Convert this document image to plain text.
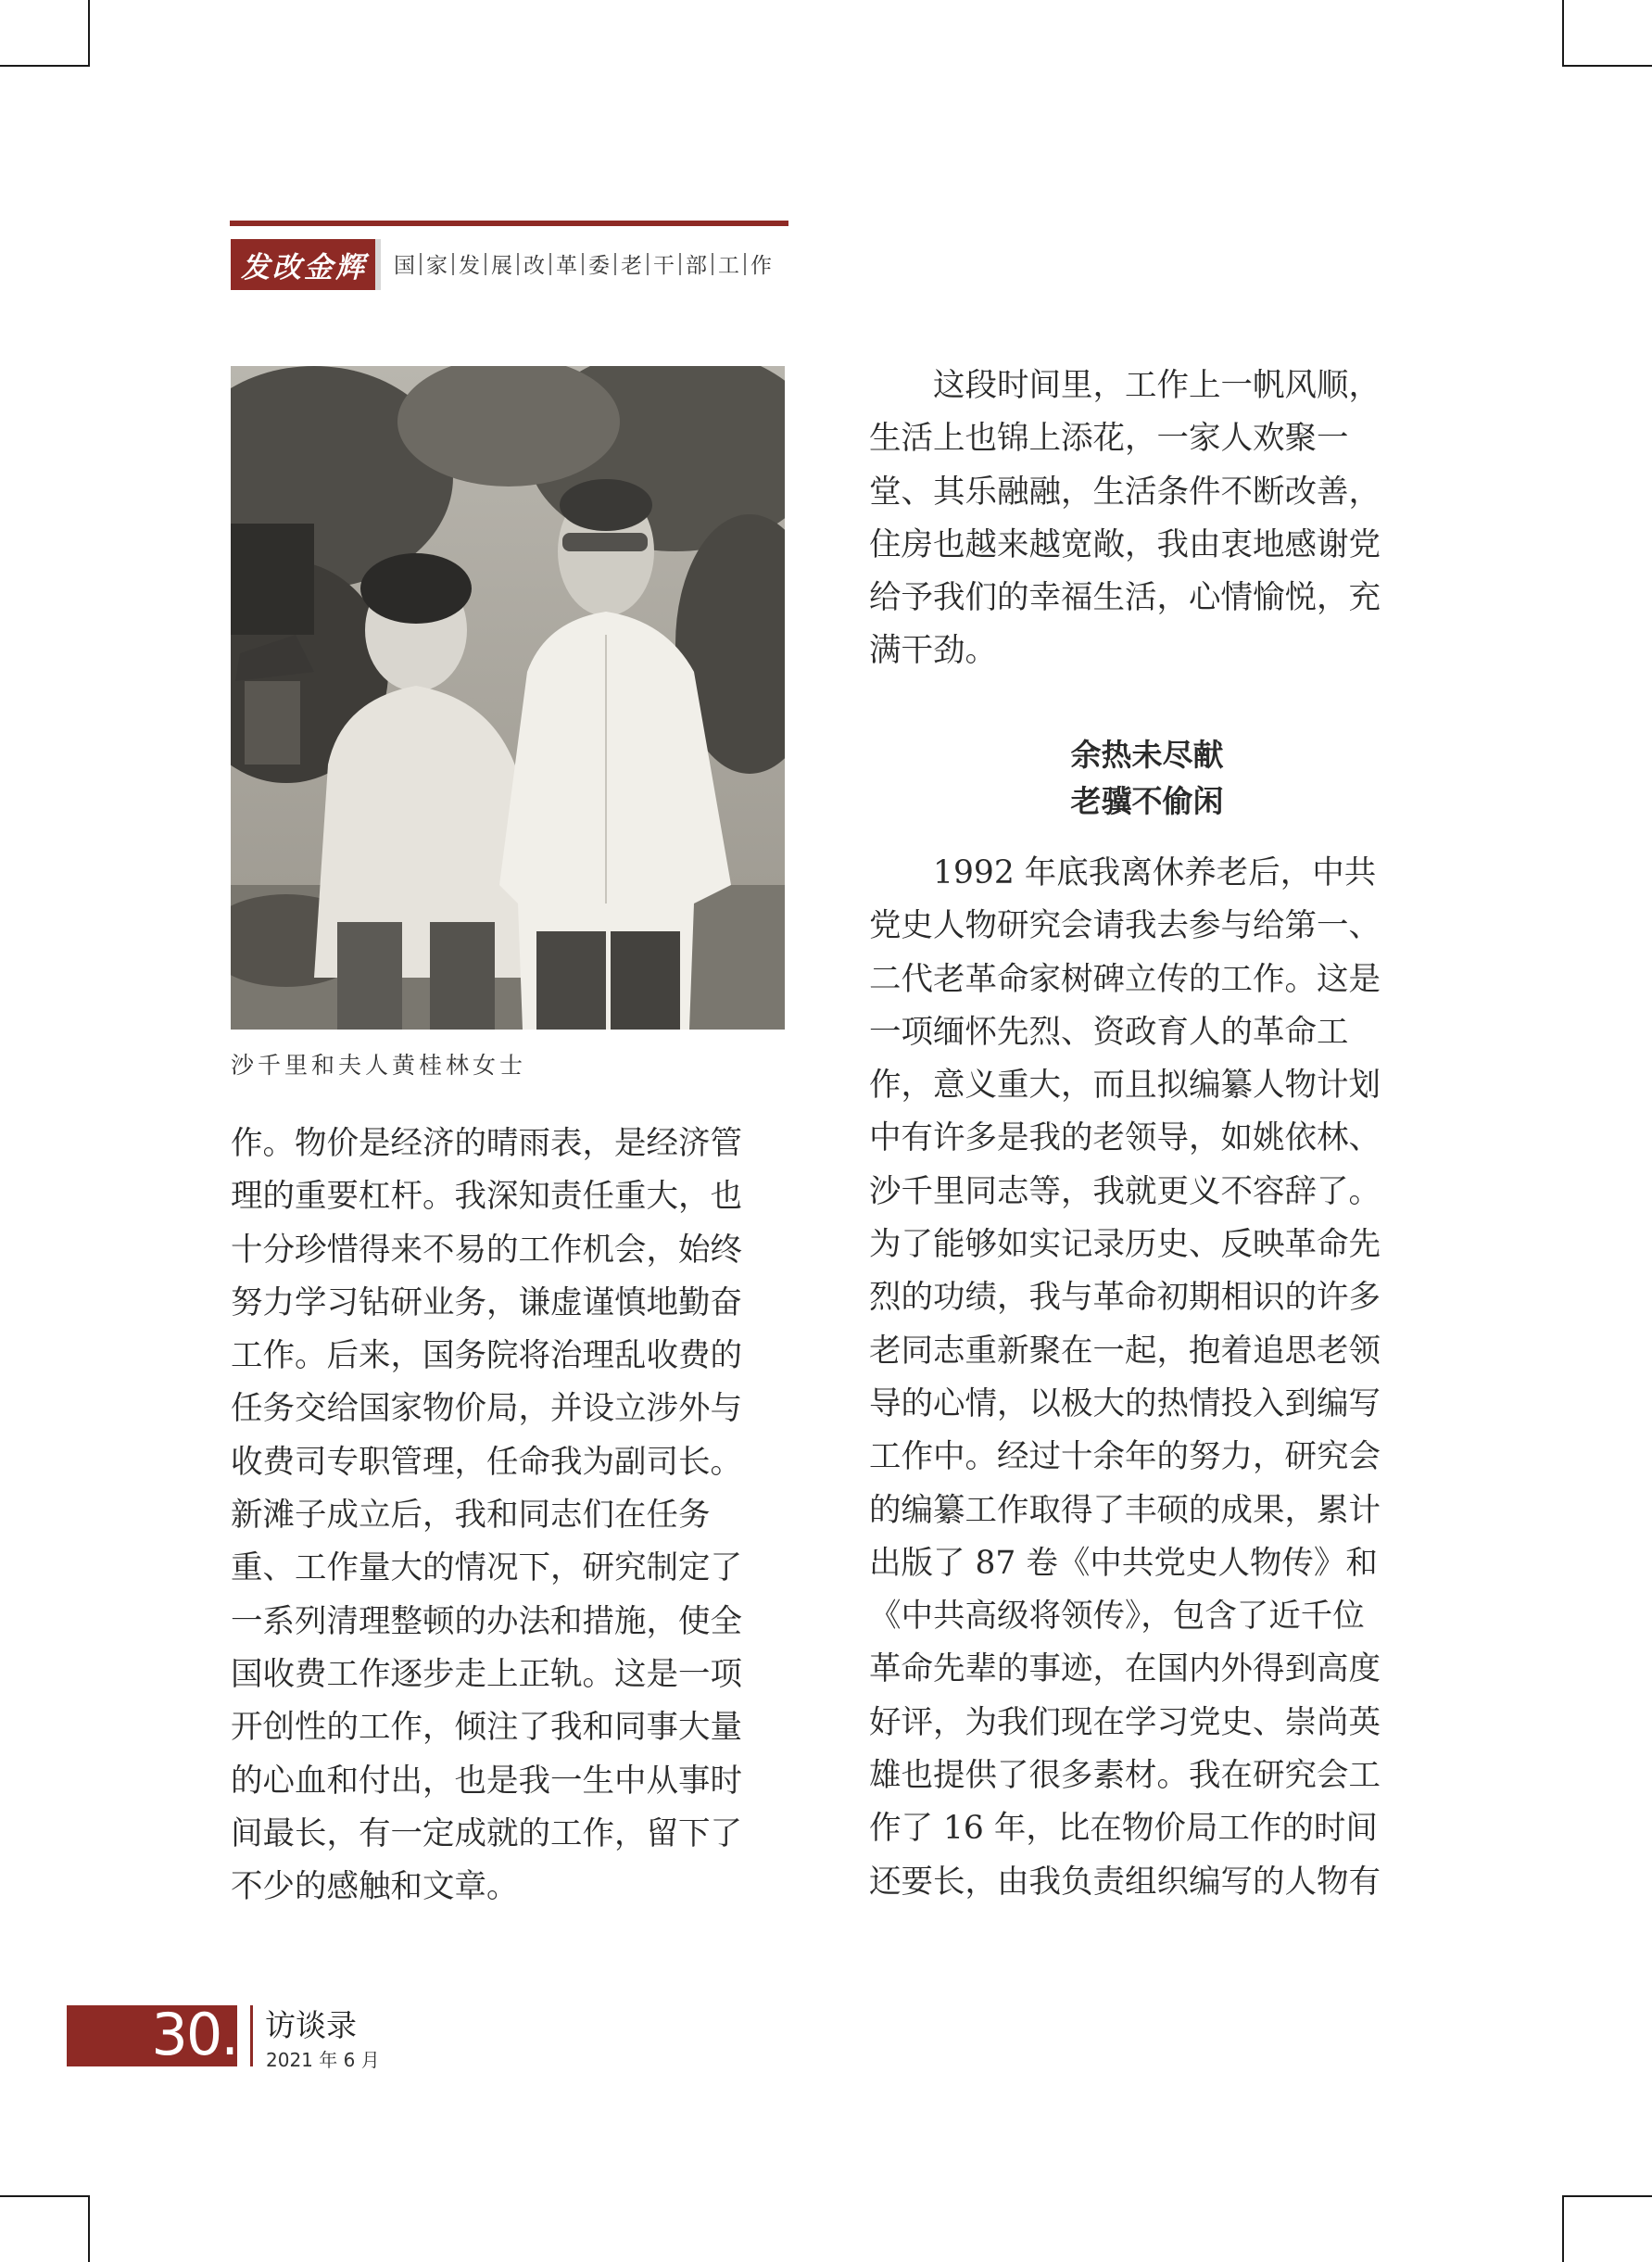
发改金辉	国 家 发 展 改 革 委 老 干 部 工 作
沙千里和夫人黄桂林女士
作。物价是经济的晴雨表，是经济管
理的重要杠杆。我深知责任重大，也
十分珍惜得来不易的工作机会，始终
努力学习钻研业务，谦虚谨慎地勤奋
工作。后来，国务院将治理乱收费的
任务交给国家物价局，并设立涉外与
收费司专职管理，任命我为副司长。
新滩子成立后，我和同志们在任务
重、工作量大的情况下，研究制定了
一系列清理整顿的办法和措施，使全
国收费工作逐步走上正轨。这是一项
开创性的工作，倾注了我和同事大量
的心血和付出，也是我一生中从事时
间最长，有一定成就的工作，留下了
不少的感触和文章。
　　这段时间里，工作上一帆风顺，
生活上也锦上添花，一家人欢聚一
堂、其乐融融，生活条件不断改善，
住房也越来越宽敞，我由衷地感谢党
给予我们的幸福生活，心情愉悦，充
满干劲。
余热未尽献
老骥不偷闲
　　1992 年底我离休养老后，中共
党史人物研究会请我去参与给第一、
二代老革命家树碑立传的工作。这是
一项缅怀先烈、资政育人的革命工
作，意义重大，而且拟编纂人物计划
中有许多是我的老领导，如姚依林、
沙千里同志等，我就更义不容辞了。
为了能够如实记录历史、反映革命先
烈的功绩，我与革命初期相识的许多
老同志重新聚在一起，抱着追思老领
导的心情，以极大的热情投入到编写
工作中。经过十余年的努力，研究会
的编纂工作取得了丰硕的成果，累计
出版了 87 卷《中共党史人物传》和
《中共高级将领传》，包含了近千位
革命先辈的事迹，在国内外得到高度
好评，为我们现在学习党史、崇尚英
雄也提供了很多素材。我在研究会工
作了 16 年，比在物价局工作的时间
还要长，由我负责组织编写的人物有
30. 访谈录
2021 年 6 月
